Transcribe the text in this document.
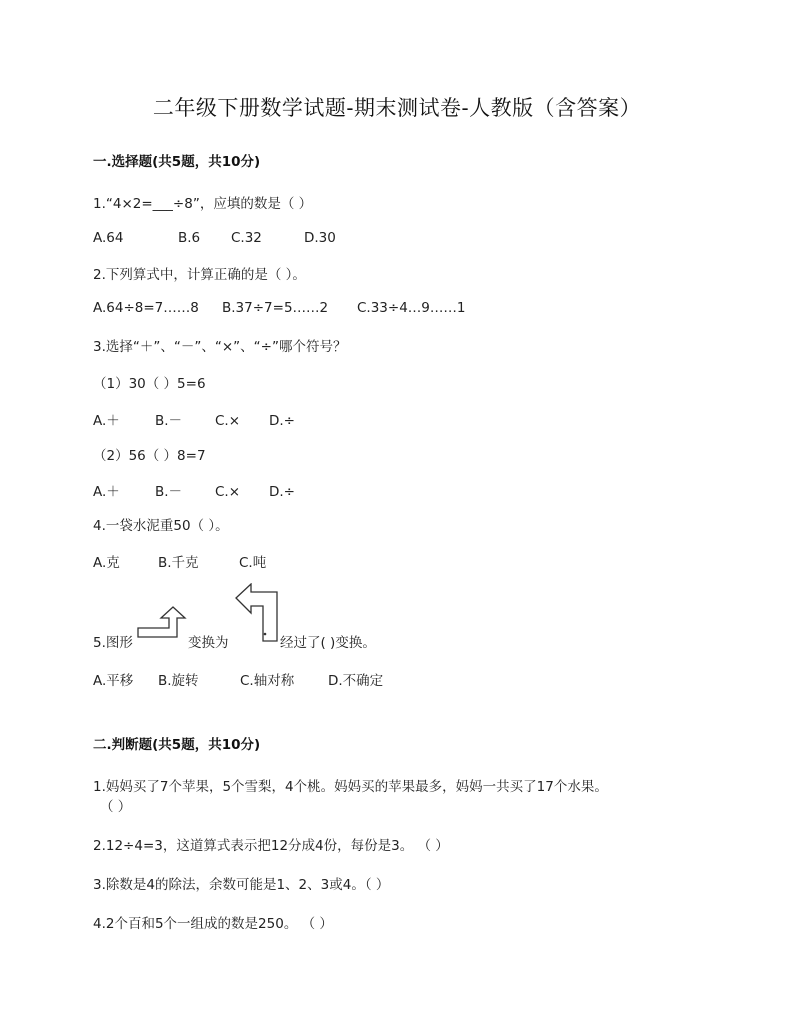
二年级下册数学试题-期末测试卷-人教版（含答案）
一.选择题(共5题，共10分)
1.“4×2=___÷8”，应填的数是（ ）
A.64	B.6 C.32	D.30
2.下列算式中，计算正确的是（ ）。
A.64÷8=7……8 B.37÷7=5……2 C.33÷4…9……1
3.选择“＋”、“－”、“×”、“÷”哪个符号？
（1）30（ ）5=6
A.＋	B.－ C.× D.÷
（2）56（ ）8=7
A.＋	B.－ C.× D.÷
4.一袋水泥重50（ ）。
A.克	B.千克	C.吨
5.图形	变换为	经过了( )变换。
A.平移 B.旋转	C.轴对称	D.不确定
二.判断题(共5题，共10分)
1.妈妈买了7个苹果，5个雪梨，4个桃。妈妈买的苹果最多，妈妈一共买了17个水果。
（ ）
2.12÷4=3，这道算式表示把12分成4份，每份是3。 （ ）
3.除数是4的除法，余数可能是1、2、3或4。（ ）
4.2个百和5个一组成的数是250。 （ ）
